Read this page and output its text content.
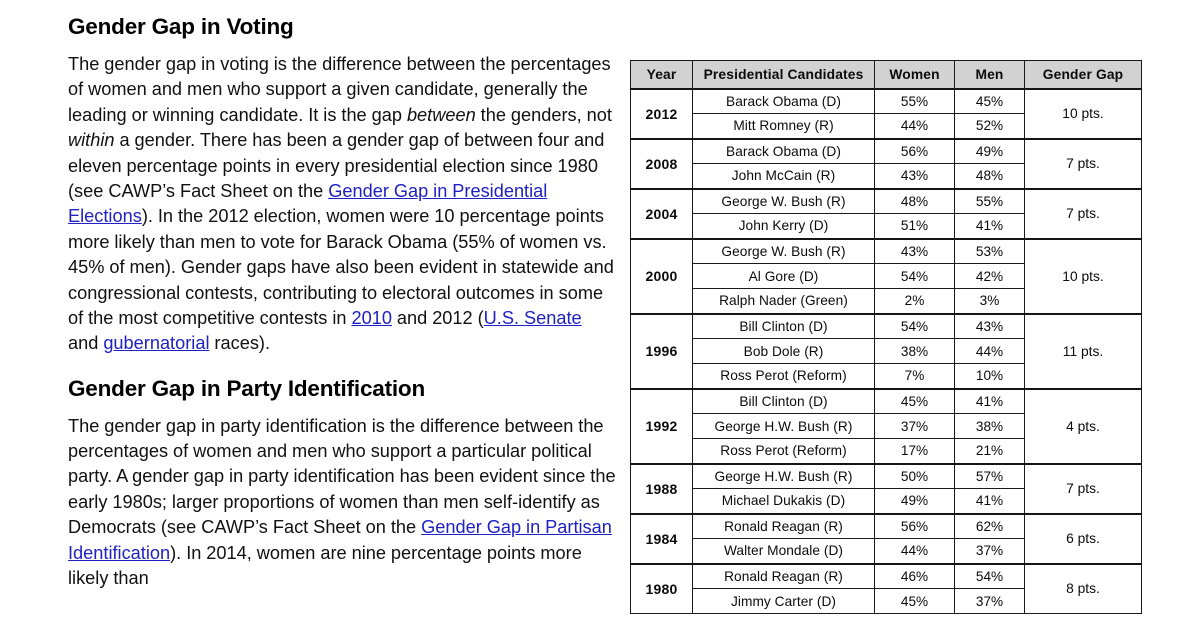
Gender Gap in Voting

The gender gap in voting is the difference between the percentages of women and men who support a given candidate, generally the leading or winning candidate. It is the gap between the genders, not within a gender. There has been a gender gap of between four and eleven percentage points in every presidential election since 1980 (see CAWP’s Fact Sheet on the Gender Gap in Presidential Elections). In the 2012 election, women were 10 percentage points more likely than men to vote for Barack Obama (55% of women vs. 45% of men). Gender gaps have also been evident in statewide and congressional contests, contributing to electoral outcomes in some of the most competitive contests in 2010 and 2012 (U.S. Senate and gubernatorial races).

Gender Gap in Party Identification

The gender gap in party identification is the difference between the percentages of women and men who support a particular political party. A gender gap in party identification has been evident since the early 1980s; larger proportions of women than men self-identify as Democrats (see CAWP’s Fact Sheet on the Gender Gap in Partisan Identification). In 2014, women are nine percentage points more likely than

Year	Presidential Candidates	Women	Men	Gender Gap
2012	Barack Obama (D)	55%	45%	10 pts.
	Mitt Romney (R)	44%	52%	
2008	Barack Obama (D)	56%	49%	7 pts.
	John McCain (R)	43%	48%	
2004	George W. Bush (R)	48%	55%	7 pts.
	John Kerry (D)	51%	41%	
2000	George W. Bush (R)	43%	53%	10 pts.
	Al Gore (D)	54%	42%	
	Ralph Nader (Green)	2%	3%	
1996	Bill Clinton (D)	54%	43%	11 pts.
	Bob Dole (R)	38%	44%	
	Ross Perot (Reform)	7%	10%	
1992	Bill Clinton (D)	45%	41%	4 pts.
	George H.W. Bush (R)	37%	38%	
	Ross Perot (Reform)	17%	21%	
1988	George H.W. Bush (R)	50%	57%	7 pts.
	Michael Dukakis (D)	49%	41%	
1984	Ronald Reagan (R)	56%	62%	6 pts.
	Walter Mondale (D)	44%	37%	
1980	Ronald Reagan (R)	46%	54%	8 pts.
	Jimmy Carter (D)	45%	37%	
